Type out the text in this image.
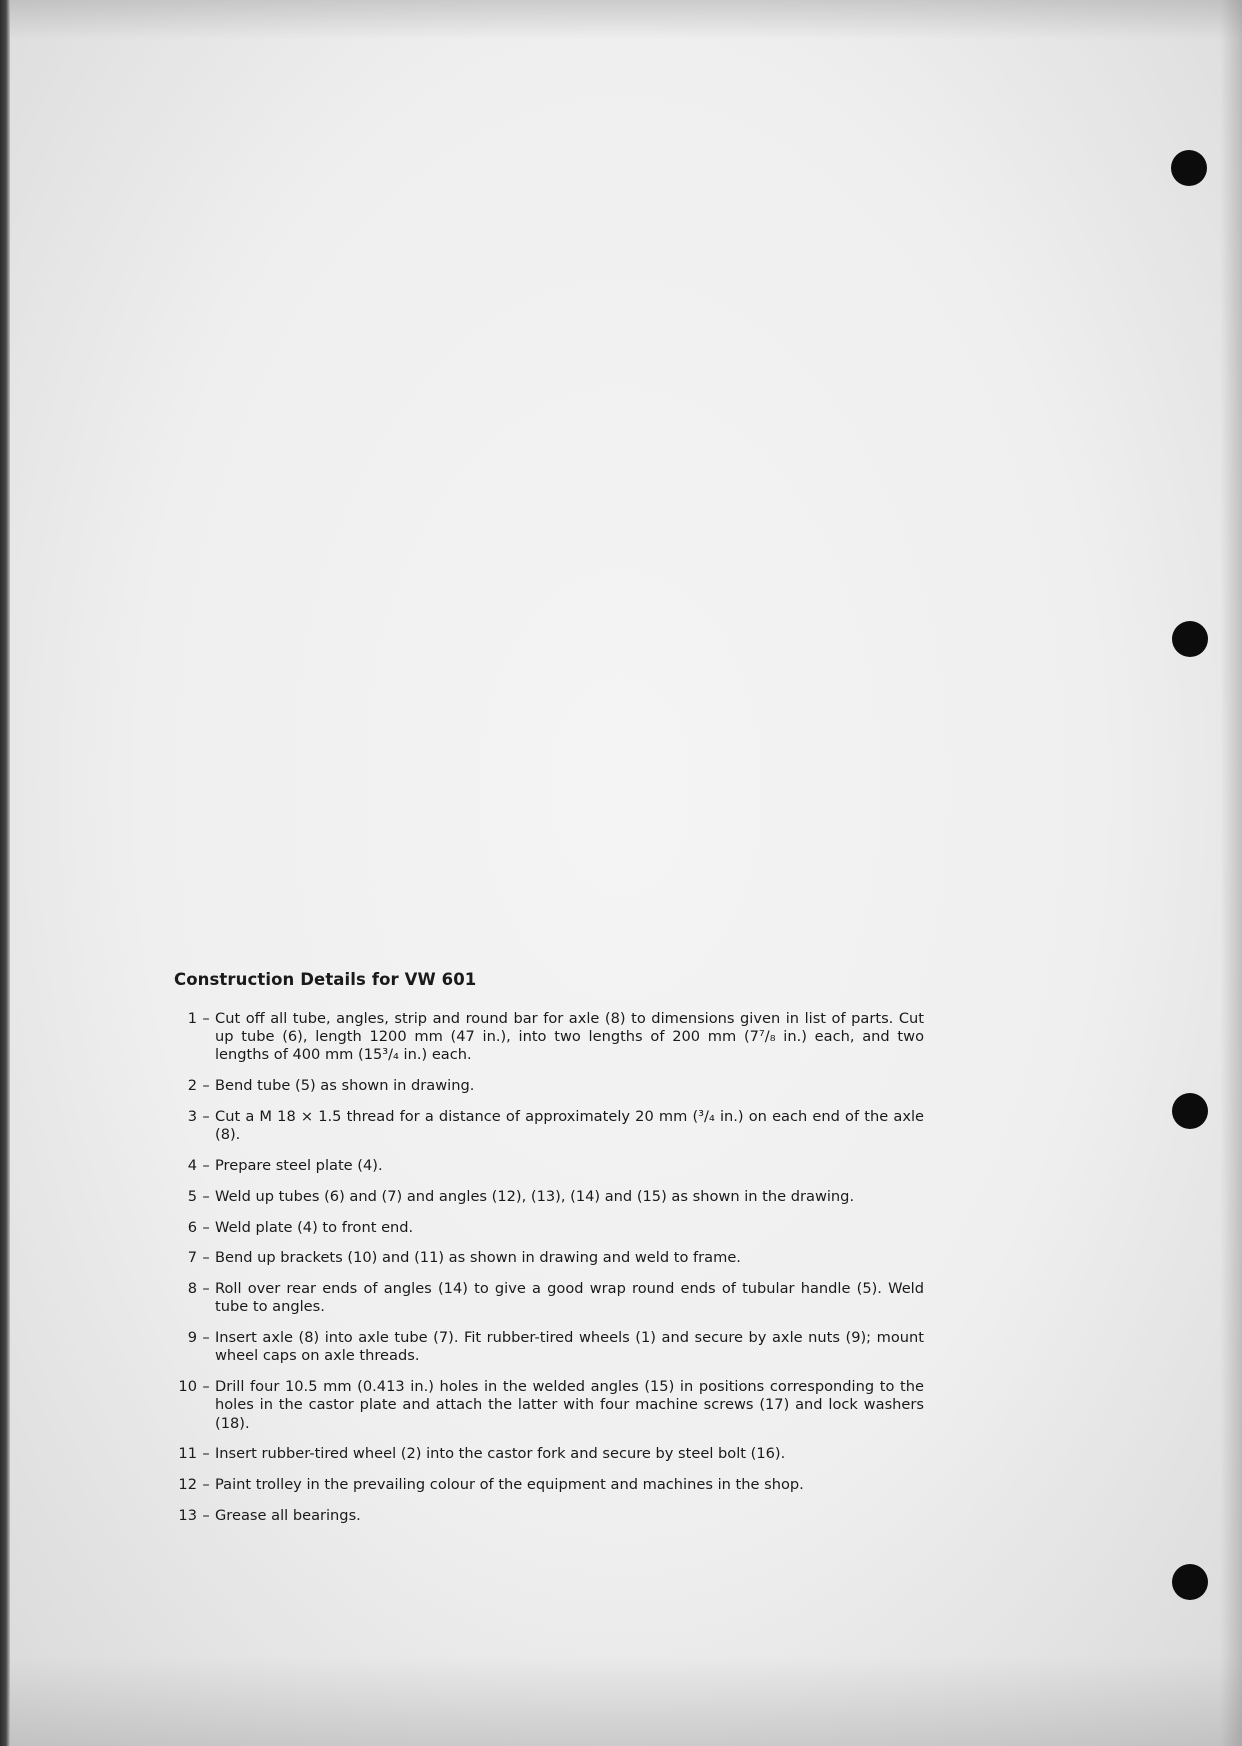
Construction Details for VW 601
1 – Cut off all tube, angles, strip and round bar for axle (8) to dimensions given in list of parts. Cut up tube (6), length 1200 mm (47 in.), into two lengths of 200 mm (7⁷/₈ in.) each, and two lengths of 400 mm (15³/₄ in.) each.
2 – Bend tube (5) as shown in drawing.
3 – Cut a M 18 × 1.5 thread for a distance of approximately 20 mm (³/₄ in.) on each end of the axle (8).
4 – Prepare steel plate (4).
5 – Weld up tubes (6) and (7) and angles (12), (13), (14) and (15) as shown in the drawing.
6 – Weld plate (4) to front end.
7 – Bend up brackets (10) and (11) as shown in drawing and weld to frame.
8 – Roll over rear ends of angles (14) to give a good wrap round ends of tubular handle (5). Weld tube to angles.
9 – Insert axle (8) into axle tube (7). Fit rubber-tired wheels (1) and secure by axle nuts (9); mount wheel caps on axle threads.
10 – Drill four 10.5 mm (0.413 in.) holes in the welded angles (15) in positions corresponding to the holes in the castor plate and attach the latter with four machine screws (17) and lock washers (18).
11 – Insert rubber-tired wheel (2) into the castor fork and secure by steel bolt (16).
12 – Paint trolley in the prevailing colour of the equipment and machines in the shop.
13 – Grease all bearings.
